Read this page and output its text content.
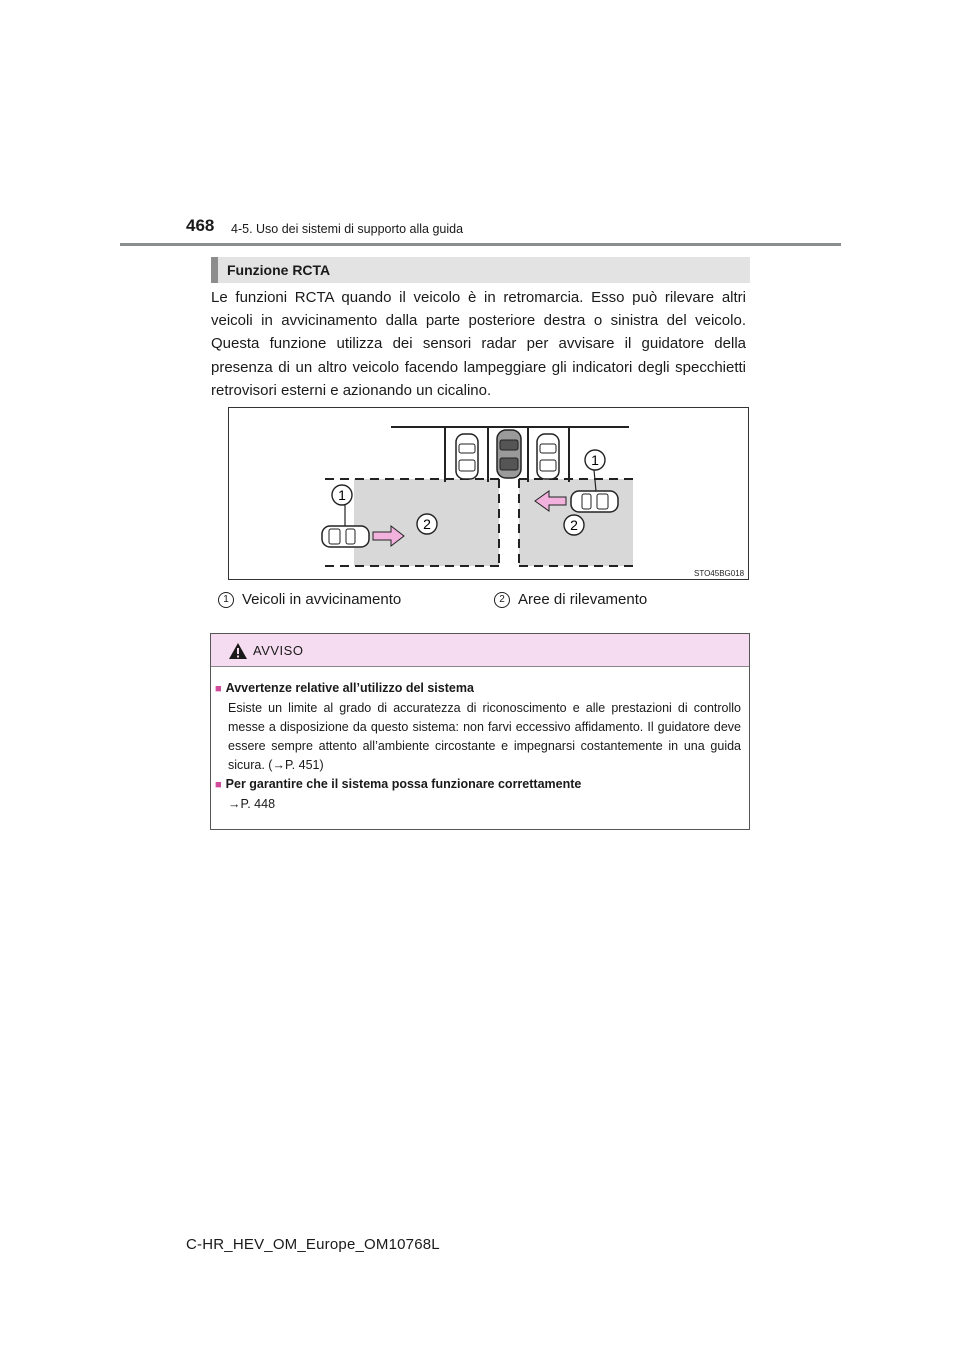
468 4-5. Uso dei sistemi di supporto alla guida
Funzione RCTA
Le funzioni RCTA quando il veicolo è in retromarcia. Esso può rilevare altri veicoli in avvicinamento dalla parte posteriore destra o sinistra del veicolo. Questa funzione utilizza dei sensori radar per avvisare il guidatore della presenza di un altro veicolo facendo lampeggiare gli indicatori degli specchietti retrovisori esterni e azionando un cicalino.
1
1
2	2
STO45BG018
1 Veicoli in avvicinamento	2 Aree di rilevamento
AVVISO
■ Avvertenze relative all’utilizzo del sistema
Esiste un limite al grado di accuratezza di riconoscimento e alle prestazioni di controllo messe a disposizione da questo sistema: non farvi eccessivo affidamento. Il guidatore deve essere sempre attento all’ambiente circostante e impegnarsi costantemente in una guida sicura. (→P. 451)
■ Per garantire che il sistema possa funzionare correttamente
→P. 448
C-HR_HEV_OM_Europe_OM10768L
